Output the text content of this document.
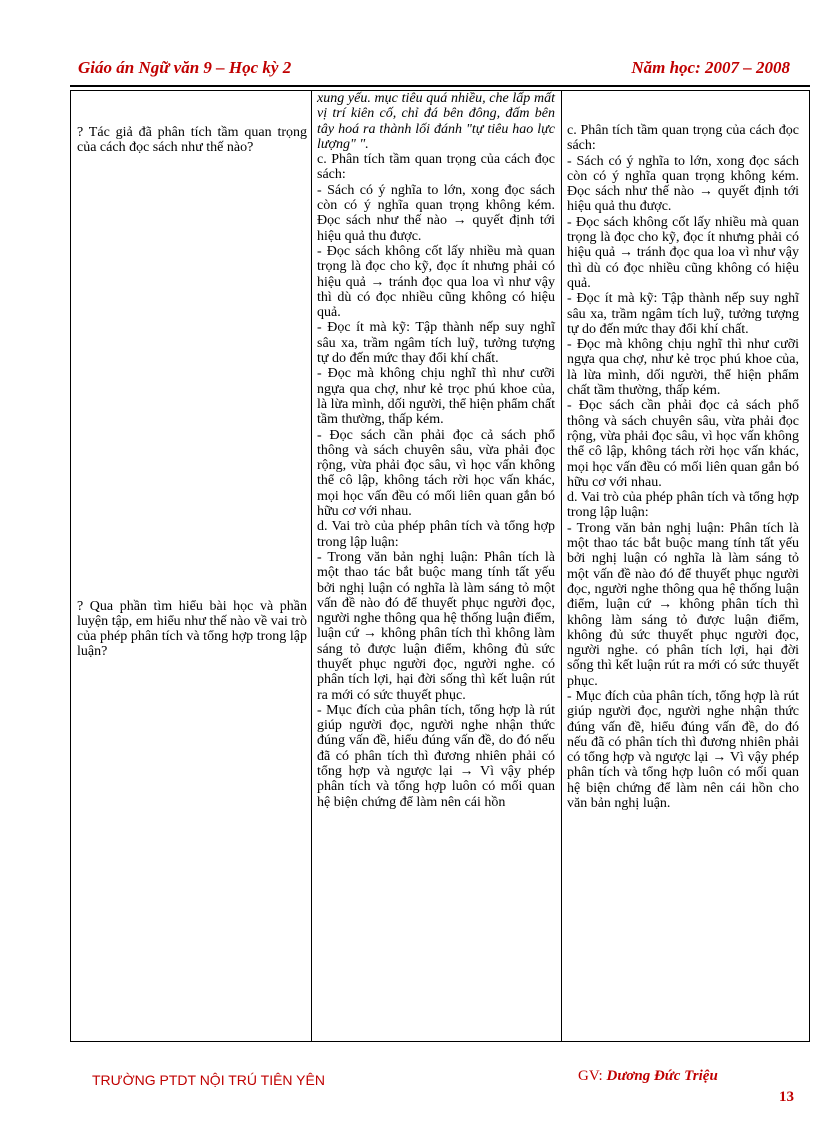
Giáo án Ngữ văn 9 – Học kỳ 2	Năm học: 2007 – 2008
? Tác giả đã phân tích tầm quan trọng của cách đọc sách như thế nào?
? Qua phần tìm hiểu bài học và phần luyện tập, em hiểu như thế nào về vai trò của phép phân tích và tổng hợp trong lập luận?

xung yếu. mục tiêu quá nhiều, che lấp mất vị trí kiên cố, chỉ đá bên đông, đấm bên tây hoá ra thành lối đánh "tự tiêu hao lực lượng" ".

c. Phân tích tầm quan trọng của cách đọc sách:

- Sách có ý nghĩa to lớn, xong đọc sách còn có ý nghĩa quan trọng không kém. Đọc sách như thế nào → quyết định tới hiệu quả thu được.

- Đọc sách không cốt lấy nhiều mà quan trọng là đọc cho kỹ, đọc ít nhưng phải có hiệu quả → tránh đọc qua loa vì như vậy thì dù có đọc nhiều cũng không có hiệu quả.

- Đọc ít mà kỹ: Tập thành nếp suy nghĩ sâu xa, trầm ngâm tích luỹ, tưởng tượng tự do đến mức thay đổi khí chất.

- Đọc mà không chịu nghĩ thì như cưỡi ngựa qua chợ, như kẻ trọc phú khoe của, là lừa mình, dối người, thể hiện phẩm chất tầm thường, thấp kém.

- Đọc sách cần phải đọc cả sách phổ thông và sách chuyên sâu, vừa phải đọc rộng, vừa phải đọc sâu, vì học vấn không thể cô lập, không tách rời học vấn khác, mọi học vấn đều có mối liên quan gắn bó hữu cơ với nhau.

d. Vai trò của phép phân tích và tổng hợp trong lập luận:

- Trong văn bản nghị luận: Phân tích là một thao tác bắt buộc mang tính tất yếu bởi nghị luận có nghĩa là làm sáng tỏ một vấn đề nào đó để thuyết phục người đọc, người nghe thông qua hệ thống luận điểm, luận cứ → không phân tích thì không làm sáng tỏ được luận điểm, không đủ sức thuyết phục người đọc, người nghe. có phân tích lợi, hại đời sống thì kết luận rút ra mới có sức thuyết phục.

- Mục đích của phân tích, tổng hợp là rút giúp người đọc, người nghe nhận thức đúng vấn đề, hiểu đúng vấn đề, do đó nếu đã có phân tích thì đương nhiên phải có tổng hợp và ngược lại → Vì vậy phép phân tích và tổng hợp luôn có mối quan hệ biện chứng để làm nên cái hồn

c. Phân tích tầm quan trọng của cách đọc sách:

- Sách có ý nghĩa to lớn, xong đọc sách còn có ý nghĩa quan trọng không kém. Đọc sách như thế nào → quyết định tới hiệu quả thu được.

- Đọc sách không cốt lấy nhiều mà quan trọng là đọc cho kỹ, đọc ít nhưng phải có hiệu quả → tránh đọc qua loa vì như vậy thì dù có đọc nhiều cũng không có hiệu quả.

- Đọc ít mà kỹ: Tập thành nếp suy nghĩ sâu xa, trầm ngâm tích luỹ, tưởng tượng tự do đến mức thay đổi khí chất.

- Đọc mà không chịu nghĩ thì như cưỡi ngựa qua chợ, như kẻ trọc phú khoe của, là lừa mình, dối người, thể hiện phẩm chất tầm thường, thấp kém.

- Đọc sách cần phải đọc cả sách phổ thông và sách chuyên sâu, vừa phải đọc rộng, vừa phải đọc sâu, vì học vấn không thể cô lập, không tách rời học vấn khác, mọi học vấn đều có mối liên quan gắn bó hữu cơ với nhau.

d. Vai trò của phép phân tích và tổng hợp trong lập luận:

- Trong văn bản nghị luận: Phân tích là một thao tác bắt buộc mang tính tất yếu bởi nghị luận có nghĩa là làm sáng tỏ một vấn đề nào đó để thuyết phục người đọc, người nghe thông qua hệ thống luận điểm, luận cứ → không phân tích thì không làm sáng tỏ được luận điểm, không đủ sức thuyết phục người đọc, người nghe. có phân tích lợi, hại đời sống thì kết luận rút ra mới có sức thuyết phục.

- Mục đích của phân tích, tổng hợp là rút giúp người đọc, người nghe nhận thức đúng vấn đề, hiểu đúng vấn đề, do đó nếu đã có phân tích thì đương nhiên phải có tổng hợp và ngược lại → Vì vậy phép phân tích và tổng hợp luôn có mối quan hệ biện chứng để làm nên cái hồn cho văn bản nghị luận.

TRƯỜNG PTDT NỘI TRÚ TIÊN YÊN	GV: Dương Đức Triệu
13
